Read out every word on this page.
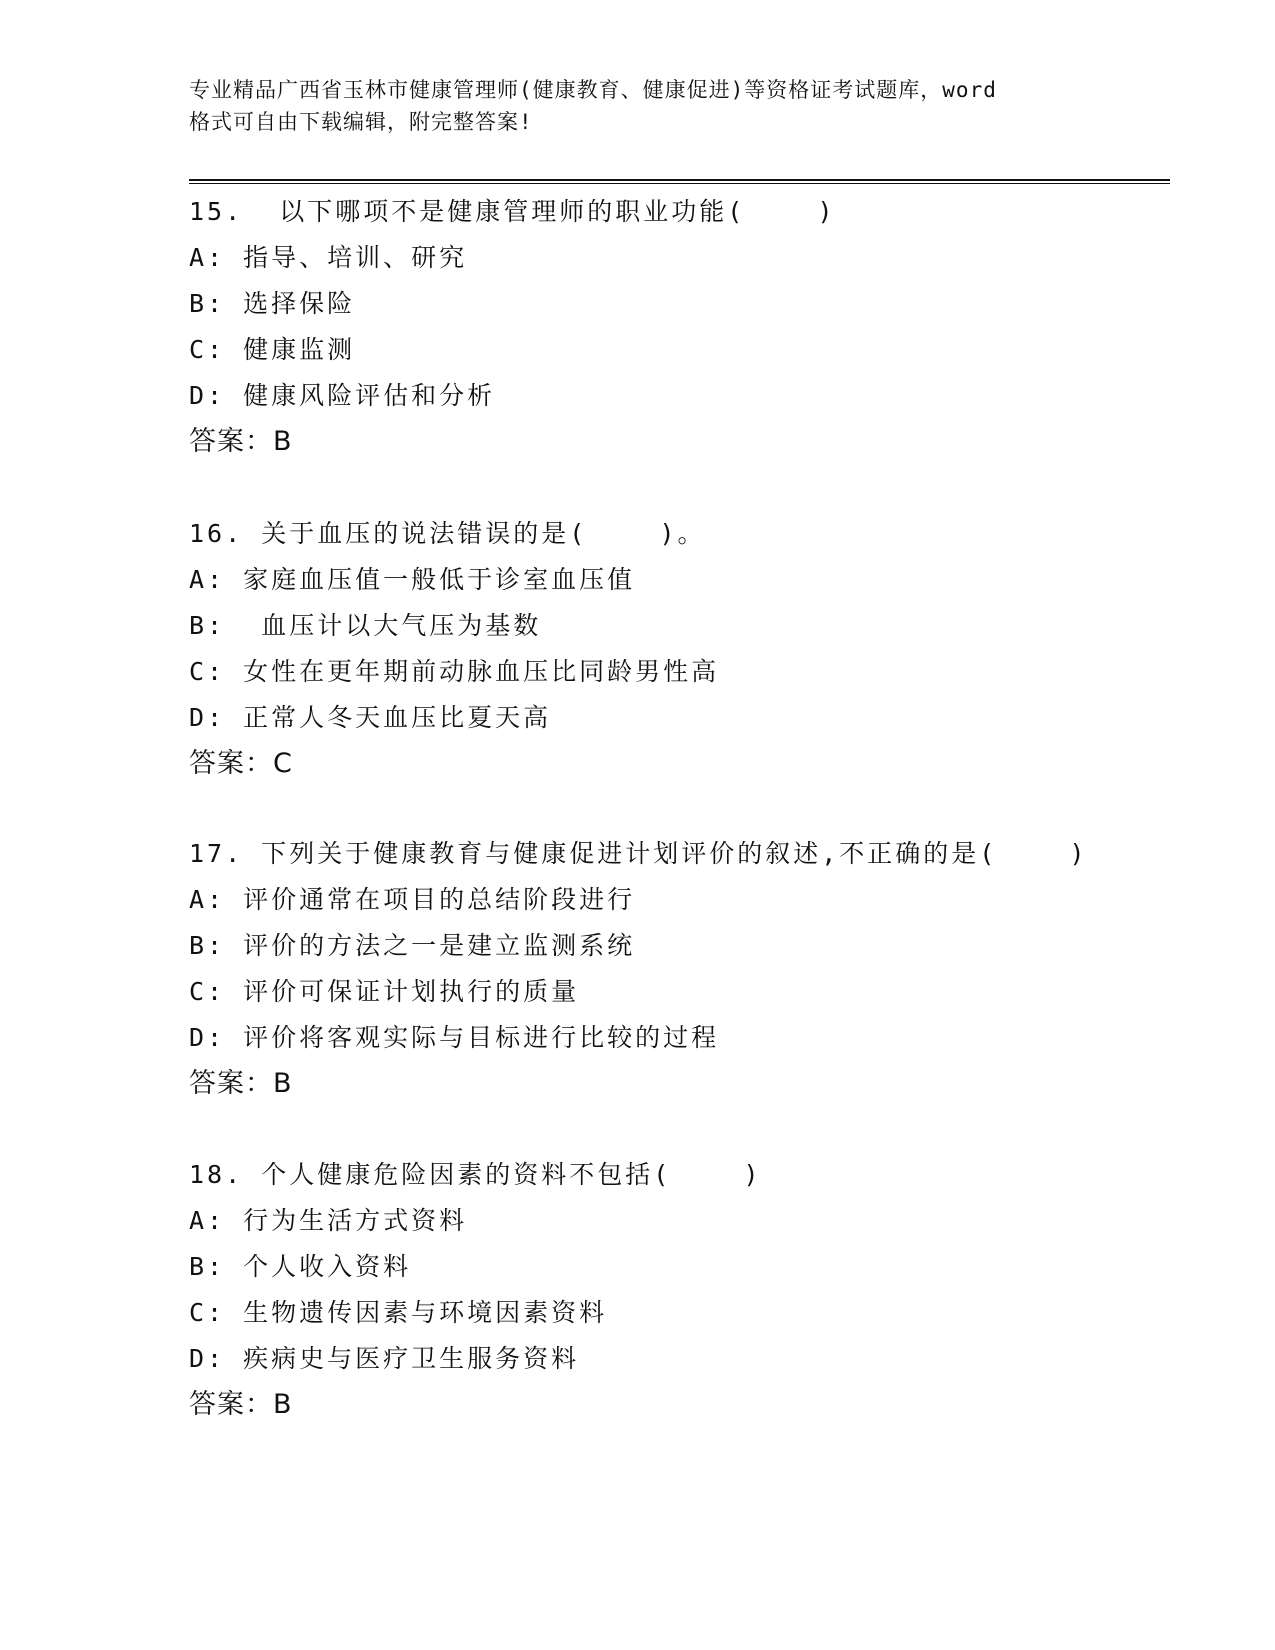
专业精品广西省玉林市健康管理师(健康教育、健康促进)等资格证考试题库，word
格式可自由下载编辑，附完整答案!
15.  以下哪项不是健康管理师的职业功能(    )
A: 指导、培训、研究
B: 选择保险
C: 健康监测
D: 健康风险评估和分析
答案：B
16. 关于血压的说法错误的是(    )。
A: 家庭血压值一般低于诊室血压值
B:  血压计以大气压为基数
C: 女性在更年期前动脉血压比同龄男性高
D: 正常人冬天血压比夏天高
答案：C
17. 下列关于健康教育与健康促进计划评价的叙述,不正确的是(    )
A: 评价通常在项目的总结阶段进行
B: 评价的方法之一是建立监测系统
C: 评价可保证计划执行的质量
D: 评价将客观实际与目标进行比较的过程
答案：B
18. 个人健康危险因素的资料不包括(    )
A: 行为生活方式资料
B: 个人收入资料
C: 生物遗传因素与环境因素资料
D: 疾病史与医疗卫生服务资料
答案：B
